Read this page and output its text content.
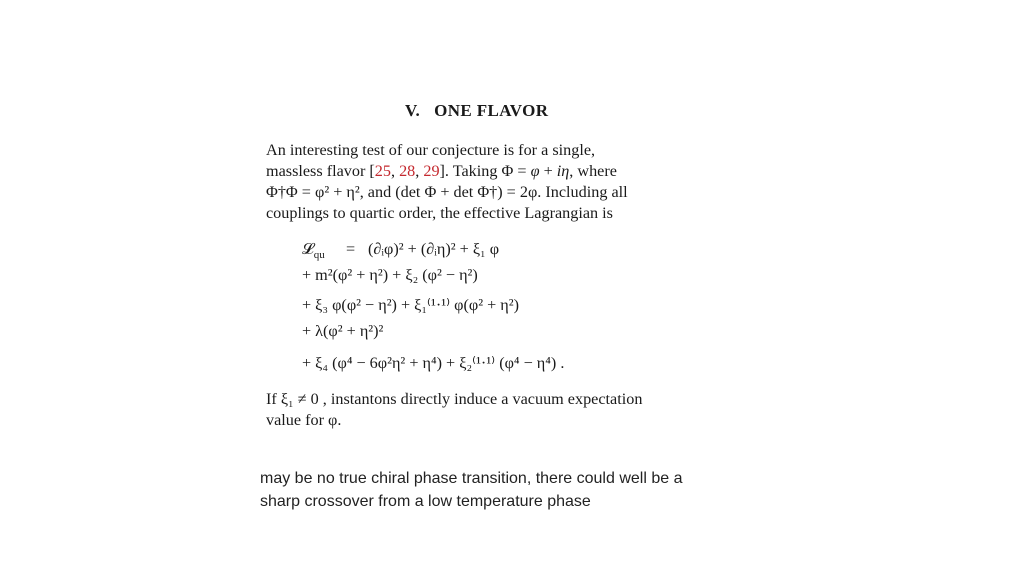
V.   ONE FLAVOR
An interesting test of our conjecture is for a single,
massless flavor [25, 28, 29]. Taking Φ = φ + iη, where
Φ†Φ = φ² + η², and (det Φ + det Φ†) = 2φ. Including all
couplings to quartic order, the effective Lagrangian is
𝓛$_{qu}$ = (∂ᵢφ)² + (∂ᵢη)² + ξ₁ φ
+ m²(φ² + η²) + ξ₂ (φ² − η²)
+ ξ₃ φ(φ² − η²) + ξ₁⁽¹·¹⁾ φ(φ² + η²)
+ λ(φ² + η²)²
+ ξ₄ (φ⁴ − 6φ²η² + η⁴) + ξ₂⁽¹·¹⁾ (φ⁴ − η⁴) .
If ξ₁ ≠ 0 , instantons directly induce a vacuum expectation
value for φ.
may be no true chiral phase transition, there could well be a
sharp crossover from a low temperature phase
